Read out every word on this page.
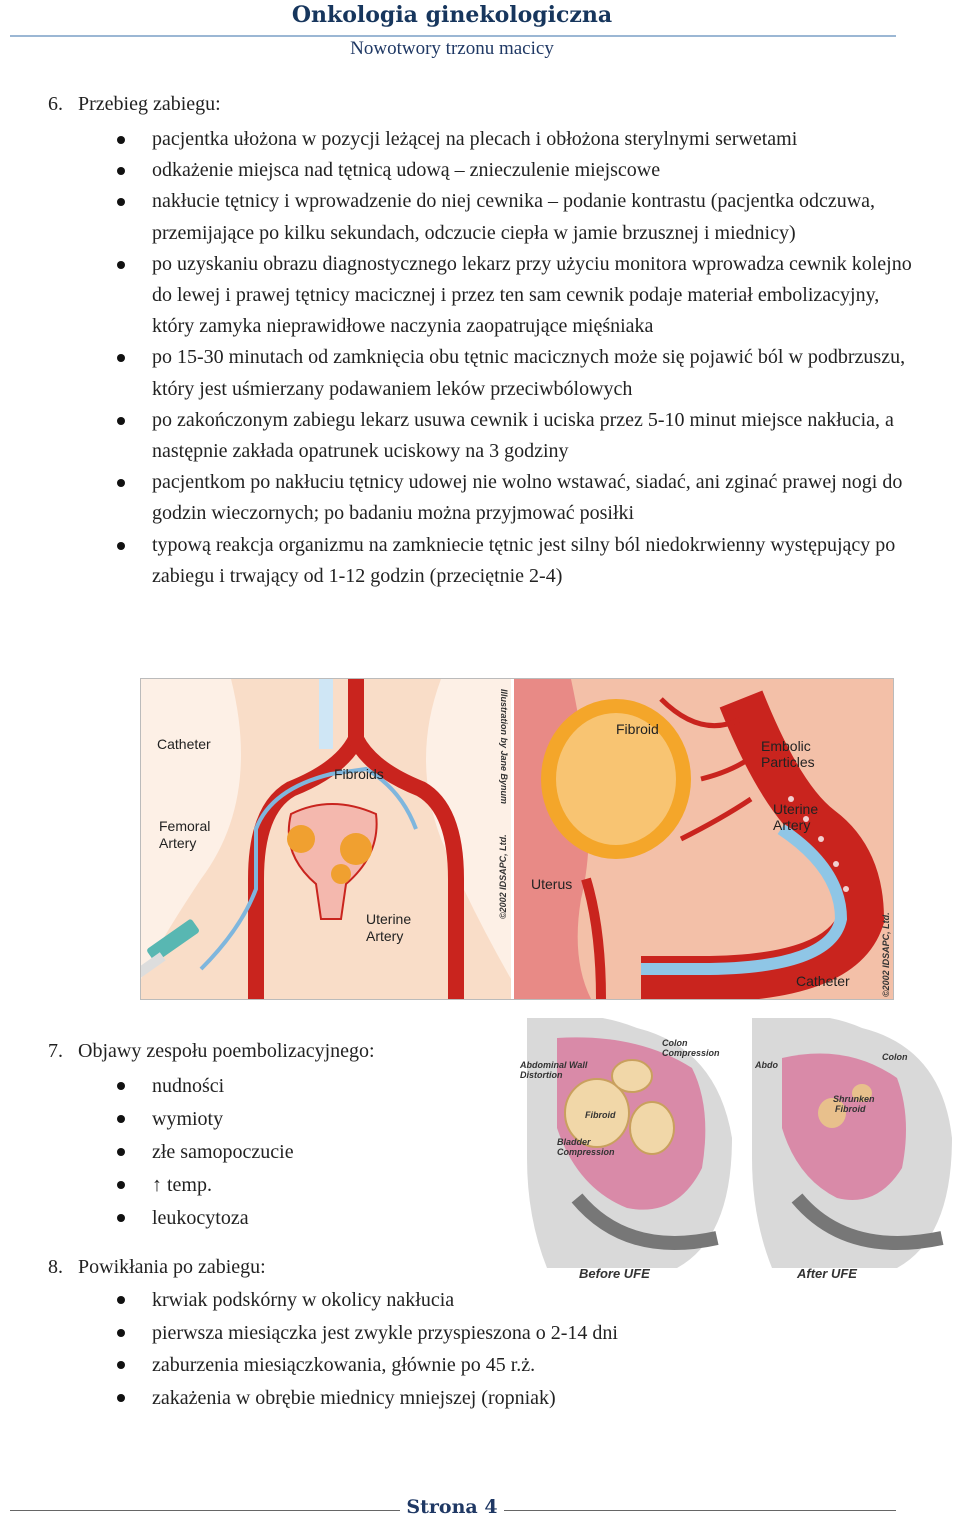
Onkologia ginekologiczna
Nowotwory trzonu macicy
6. Przebieg zabiegu:
pacjentka ułożona w pozycji leżącej na plecach i obłożona sterylnymi serwetami
odkażenie miejsca nad tętnicą udową – znieczulenie miejscowe
nakłucie tętnicy i wprowadzenie do niej cewnika – podanie kontrastu (pacjentka odczuwa, przemijające po kilku sekundach, odczucie ciepła w jamie brzusznej i miednicy)
po uzyskaniu obrazu diagnostycznego lekarz przy użyciu monitora wprowadza cewnik kolejno do lewej i prawej tętnicy macicznej i przez ten sam cewnik podaje materiał embolizacyjny, który zamyka nieprawidłowe naczynia zaopatrujące mięśniaka
po 15-30 minutach od zamknięcia obu tętnic macicznych może się pojawić ból w podbrzuszu, który jest uśmierzany podawaniem leków przeciwbólowych
po zakończonym zabiegu lekarz usuwa cewnik i uciska przez 5-10 minut miejsce nakłucia, a następnie zakłada opatrunek uciskowy na 3 godziny
pacjentkom po nakłuciu tętnicy udowej nie wolno wstawać, siadać, ani zginać prawej nogi do godzin wieczornych; po badaniu można przyjmować posiłki
typową reakcja organizmu na zamkniecie tętnic jest silny ból niedokrwienny występujący po zabiegu i trwający od 1-12 godzin (przeciętnie 2-4)
Catheter
Fibroids
Femoral
Artery
Uterine
Artery
Illustration by Jane Bynum
©2002 IDSAPC, Ltd.
Fibroid
Embolic
Particles
Uterine
Artery
Uterus
Catheter	©2002 IDSAPC, Ltd.
7. Objawy zespołu poembolizacyjnego:
nudności
wymioty
złe samopoczucie
↑ temp.
leukocytoza
Abdominal Wall
Distortion
Colon
Compression
Fibroid
Bladder
Compression
Before UFE
Abdo
Colon
Shrunken
Fibroid
After UFE
8. Powikłania po zabiegu:
krwiak podskórny w okolicy nakłucia
pierwsza miesiączka jest zwykle przyspieszona o 2-14 dni
zaburzenia miesiączkowania, głównie po 45 r.ż.
zakażenia w obrębie miednicy mniejszej (ropniak)
Strona 4
